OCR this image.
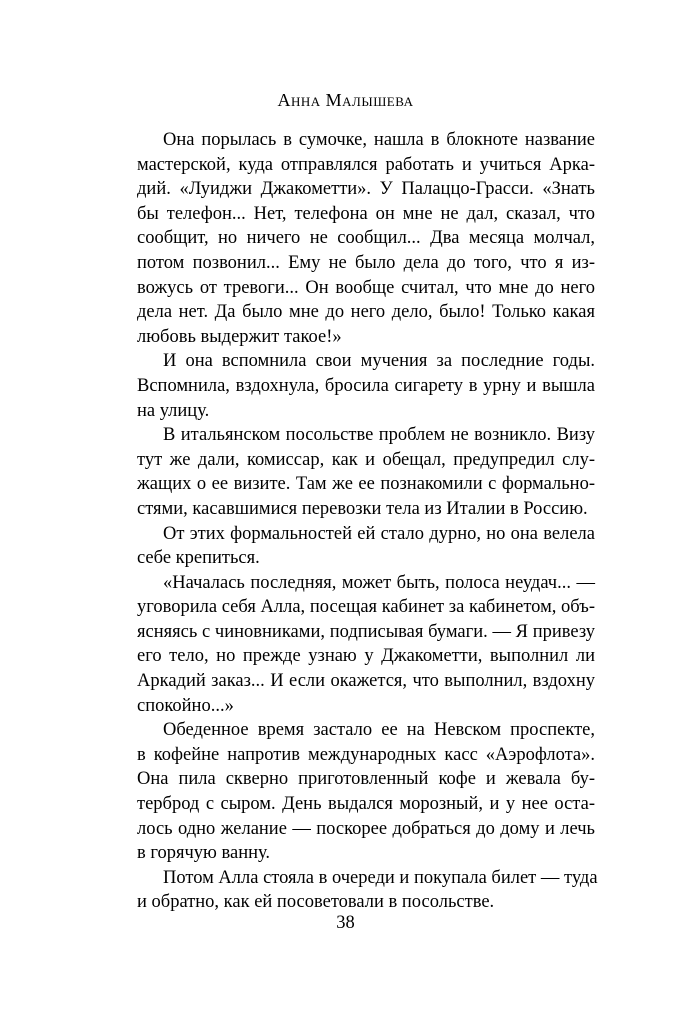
Анна Малышева
Она порылась в сумочке, нашла в блокноте название
мастерской, куда отправлялся работать и учиться Арка-
дий. «Луиджи Джакометти». У Палаццо-Грасси. «Знать
бы телефон... Нет, телефона он мне не дал, сказал, что
сообщит, но ничего не сообщил... Два месяца молчал,
потом позвонил... Ему не было дела до того, что я из-
вожусь от тревоги... Он вообще считал, что мне до него
дела нет. Да было мне до него дело, было! Только какая
любовь выдержит такое!»
И она вспомнила свои мучения за последние годы.
Вспомнила, вздохнула, бросила сигарету в урну и вышла
на улицу.
В итальянском посольстве проблем не возникло. Визу
тут же дали, комиссар, как и обещал, предупредил слу-
жащих о ее визите. Там же ее познакомили с формально-
стями, касавшимися перевозки тела из Италии в Россию.
От этих формальностей ей стало дурно, но она велела
себе крепиться.
«Началась последняя, может быть, полоса неудач... —
уговорила себя Алла, посещая кабинет за кабинетом, объ-
ясняясь с чиновниками, подписывая бумаги. — Я привезу
его тело, но прежде узнаю у Джакометти, выполнил ли
Аркадий заказ... И если окажется, что выполнил, вздохну
спокойно...»
Обеденное время застало ее на Невском проспекте,
в кофейне напротив международных касс «Аэрофлота».
Она пила скверно приготовленный кофе и жевала бу-
терброд с сыром. День выдался морозный, и у нее оста-
лось одно желание — поскорее добраться до дому и лечь
в горячую ванну.
Потом Алла стояла в очереди и покупала билет — туда
и обратно, как ей посоветовали в посольстве.
38
